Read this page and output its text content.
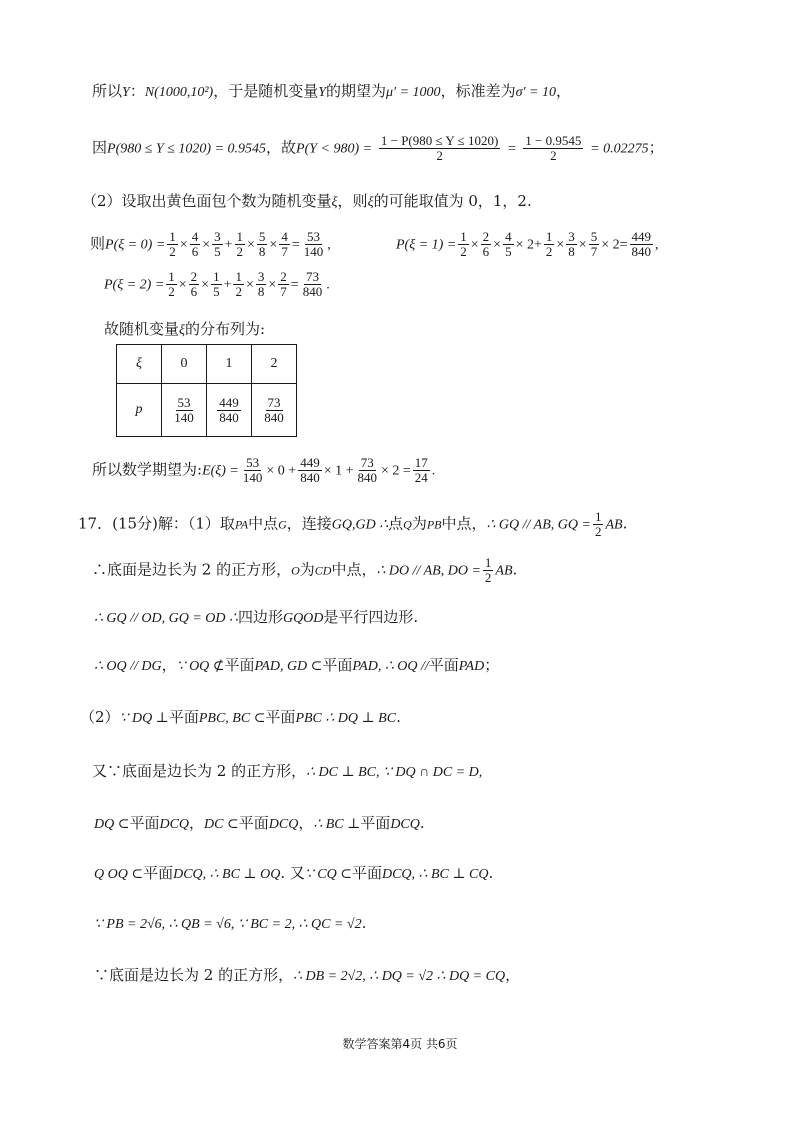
所以Y：N(1000,10²)，于是随机变量Y的期望为μ′ = 1000，标准差为σ′ = 10，
因P(980 ≤ Y ≤ 1020) = 0.9545，故$P(Y < 980) = \frac{1 - P(980 \le Y \le 1020)}{2} = \frac{1 - 0.9545}{2} = 0.02275$；
（2）设取出黄色面包个数为随机变量ξ，则ξ的可能取值为 0，1，2.
则$P(\xi = 0) = \frac{1}{2} \times \frac{4}{6} \times \frac{3}{5} + \frac{1}{2} \times \frac{5}{8} \times \frac{4}{7} = \frac{53}{140}$ ,	$P(\xi = 1) = \frac{1}{2} \times \frac{2}{6} \times \frac{4}{5} \times 2+ \frac{1}{2} \times \frac{3}{8} \times \frac{5}{7} \times 2= \frac{449}{840}$ ,
$P(\xi = 2) = \frac{1}{2} \times \frac{2}{6} \times \frac{1}{5} + \frac{1}{2} \times \frac{3}{8} \times \frac{2}{7} = \frac{73}{840}$ .
故随机变量ξ的分布列为:
ξ	0	1	2
p	$\frac{53}{140}$	$\frac{449}{840}$	$\frac{73}{840}$
所以数学期望为:E(ξ) = $\frac{53}{140} \times 0 + \frac{449}{840} \times 1 + \frac{73}{840} \times 2 = \frac{17}{24}$ .
17．(15分)解：（1）取PA中点G，连接GQ,GD ∴点Q为PB中点，∴ GQ // AB, GQ = $\frac{1}{2}$ AB.
∴底面是边长为 2 的正方形，O为CD中点，∴ DO // AB, DO = $\frac{1}{2}$ AB.
∴ GQ // OD, GQ = OD ∴四边形GQOD是平行四边形.
∴ OQ // DG，∵ OQ ⊄平面PAD, GD ⊂平面PAD, ∴ OQ //平面PAD；
（2）∵ DQ ⊥平面PBC, BC ⊂平面PBC ∴ DQ ⊥ BC.
又∵底面是边长为 2 的正方形，∴ DC ⊥ BC, ∵ DQ ∩ DC = D,
DQ ⊂平面DCQ，DC ⊂平面DCQ，∴ BC ⊥平面DCQ.
Q OQ ⊂平面DCQ, ∴ BC ⊥ OQ. 又∵ CQ ⊂平面DCQ, ∴ BC ⊥ CQ.
∵ PB = 2√6, ∴ QB = √6, ∵ BC = 2, ∴ QC = √2.
∵底面是边长为 2 的正方形，∴ DB = 2√2, ∴ DQ = √2 ∴ DQ = CQ，
数学答案第4页 共6页
